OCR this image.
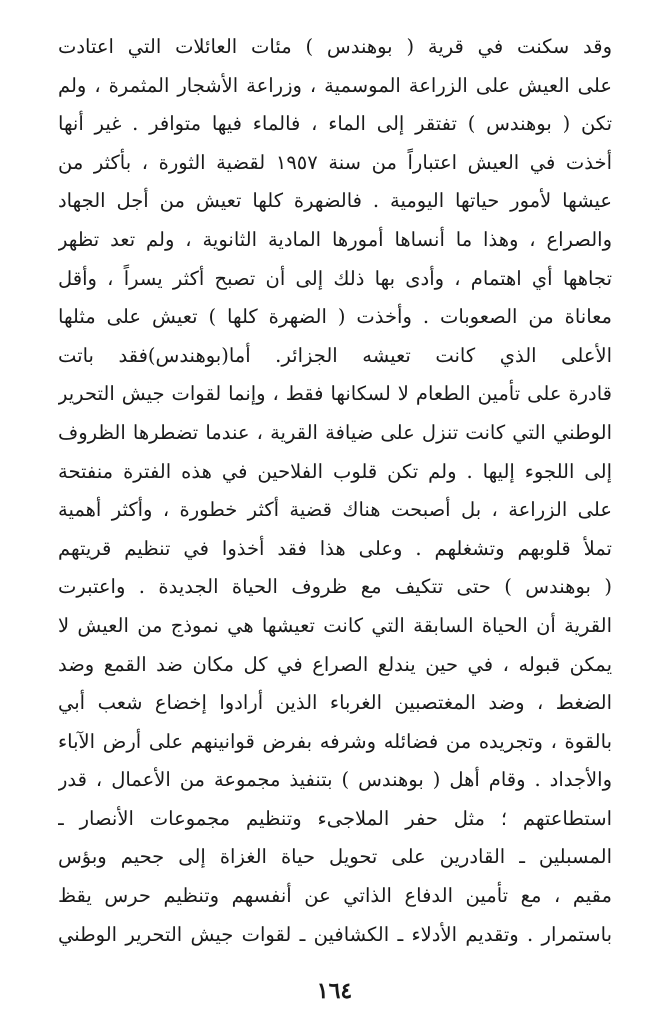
وقد سكنت في قرية ( بوهندس ) مئات العائلات التي اعتادت
على العيش على الزراعة الموسمية ، وزراعة الأشجار المثمرة ، ولم
تكن ( بوهندس ) تفتقر إلى الماء ، فالماء فيها متوافر . غير أنها
أخذت في العيش اعتباراً من سنة ١٩٥٧ لقضية الثورة ، بأكثر من
عيشها لأمور حياتها اليومية . فالضهرة كلها تعيش من أجل الجهاد
والصراع ، وهذا ما أنساها أمورها المادية الثانوية ، ولم تعد تظهر
تجاهها أي اهتمام ، وأدى بها ذلك إلى أن تصبح أكثر يسراً ، وأقل
معاناة من الصعوبات . وأخذت ( الضهرة كلها ) تعيش على مثلها
الأعلى الذي كانت تعيشه الجزائر. أما(بوهندس)فقد باتت
قادرة على تأمين الطعام لا لسكانها فقط ، وإنما لقوات جيش التحرير
الوطني التي كانت تنزل على ضيافة القرية ، عندما تضطرها الظروف
إلى اللجوء إليها . ولم تكن قلوب الفلاحين في هذه الفترة منفتحة
على الزراعة ، بل أصبحت هناك قضية أكثر خطورة ، وأكثر أهمية
تملأ قلوبهم وتشغلهم . وعلى هذا فقد أخذوا في تنظيم قريتهم
( بوهندس ) حتى تتكيف مع ظروف الحياة الجديدة . واعتبرت
القرية أن الحياة السابقة التي كانت تعيشها هي نموذج من العيش لا
يمكن قبوله ، في حين يندلع الصراع في كل مكان ضد القمع وضد
الضغط ، وضد المغتصبين الغرباء الذين أرادوا إخضاع شعب أبي
بالقوة ، وتجريده من فضائله وشرفه بفرض قوانينهم على أرض الآباء
والأجداد . وقام أهل ( بوهندس ) بتنفيذ مجموعة من الأعمال ، قدر
استطاعتهم ؛ مثل حفر الملاجىء وتنظيم مجموعات الأنصار ـ
المسبلين ـ القادرين على تحويل حياة الغزاة إلى جحيم وبؤس
مقيم ، مع تأمين الدفاع الذاتي عن أنفسهم وتنظيم حرس يقظ
باستمرار . وتقديم الأدلاء ـ الكشافين ـ لقوات جيش التحرير الوطني
١٦٤
